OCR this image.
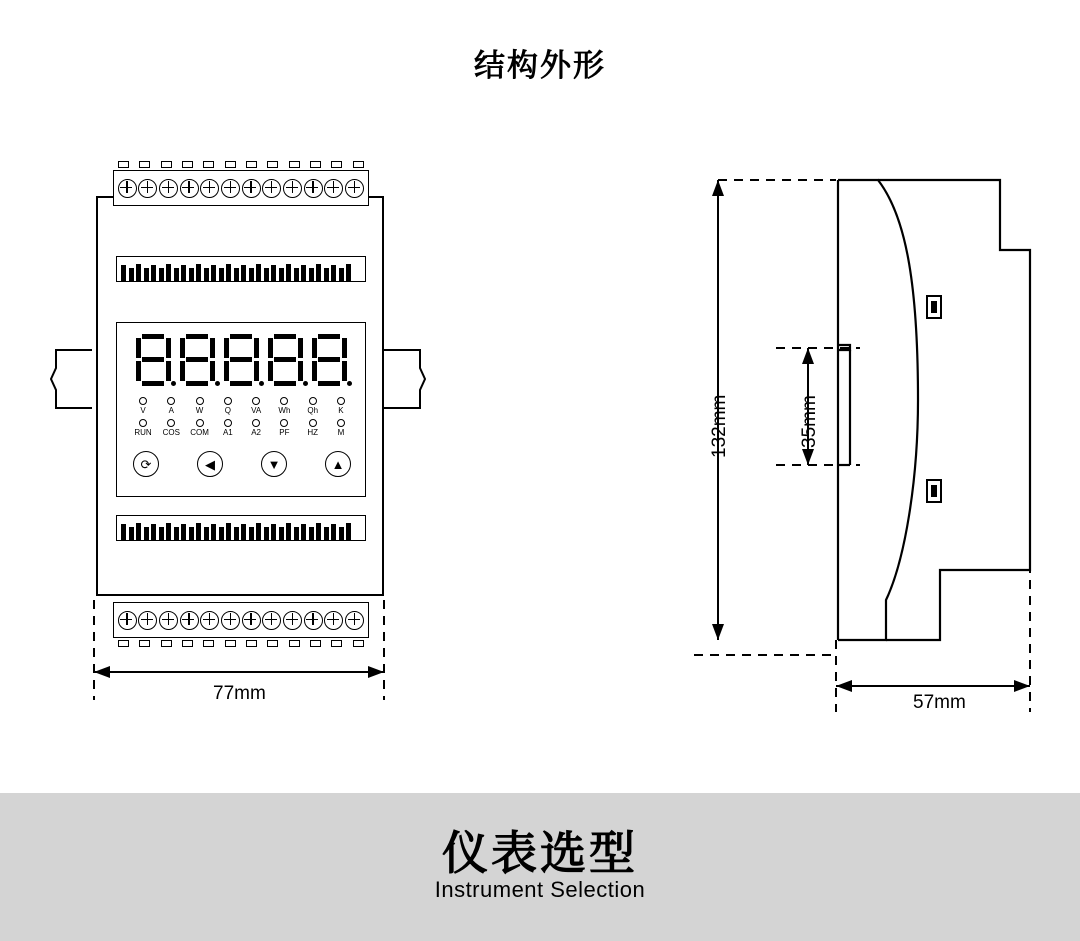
结构外形
V	A	W	Q	VA	Wh	Qh	K
RUN	COS	COM	A1	A2	PF	HZ	M
⟳	◀	▼	▲
77mm
132mm	35mm
57mm
仪表选型
Instrument Selection
